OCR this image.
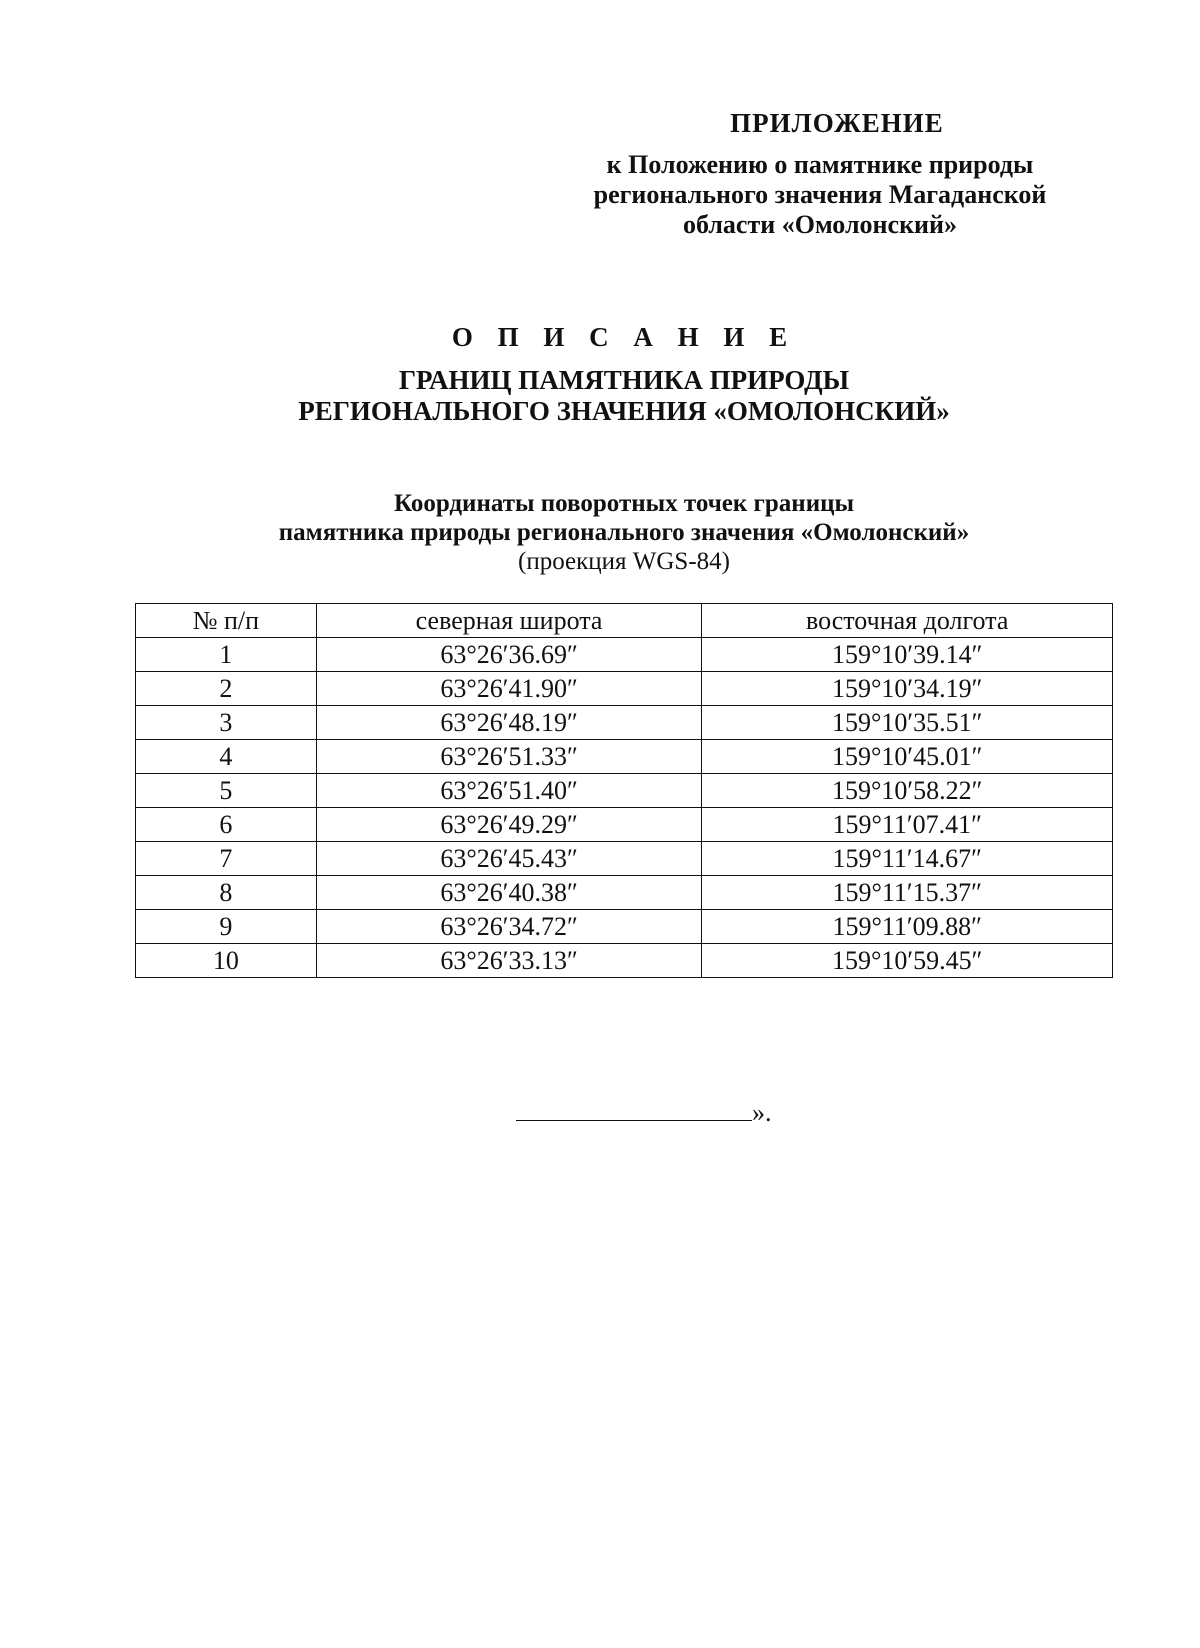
ПРИЛОЖЕНИЕ
к Положению о памятнике природы
регионального значения Магаданской
области «Омолонский»
О П И С А Н И Е
ГРАНИЦ ПАМЯТНИКА ПРИРОДЫ
РЕГИОНАЛЬНОГО ЗНАЧЕНИЯ «ОМОЛОНСКИЙ»
Координаты поворотных точек границы
памятника природы регионального значения «Омолонский»
(проекция WGS-84)
№ п/п	северная широта	восточная долгота
1	63°26′36.69″	159°10′39.14″
2	63°26′41.90″	159°10′34.19″
3	63°26′48.19″	159°10′35.51″
4	63°26′51.33″	159°10′45.01″
5	63°26′51.40″	159°10′58.22″
6	63°26′49.29″	159°11′07.41″
7	63°26′45.43″	159°11′14.67″
8	63°26′40.38″	159°11′15.37″
9	63°26′34.72″	159°11′09.88″
10	63°26′33.13″	159°10′59.45″
».
